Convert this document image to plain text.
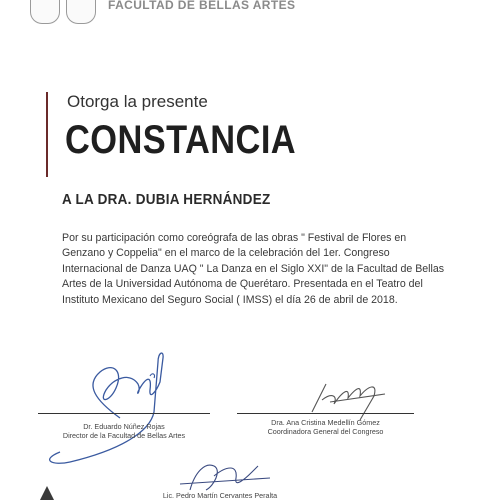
FACULTAD DE BELLAS ARTES
Otorga la presente
CONSTANCIA
A LA DRA. DUBIA HERNÁNDEZ
Por su participación como coreógrafa de las obras " Festival de Flores en Genzano y Coppelia" en el marco de la celebración del 1er. Congreso Internacional de Danza UAQ " La Danza en el Siglo XXI" de la Facultad de Bellas Artes de la Universidad Autónoma de Querétaro. Presentada en el Teatro del Instituto Mexicano del Seguro Social ( IMSS) el día 26 de abril de 2018.
Dr. Eduardo Núñez Rojas
Director de la Facultad de Bellas Artes
Dra. Ana Cristina Medellín Gómez
Coordinadora General del Congreso
Lic. Pedro Martín Cervantes Peralta
